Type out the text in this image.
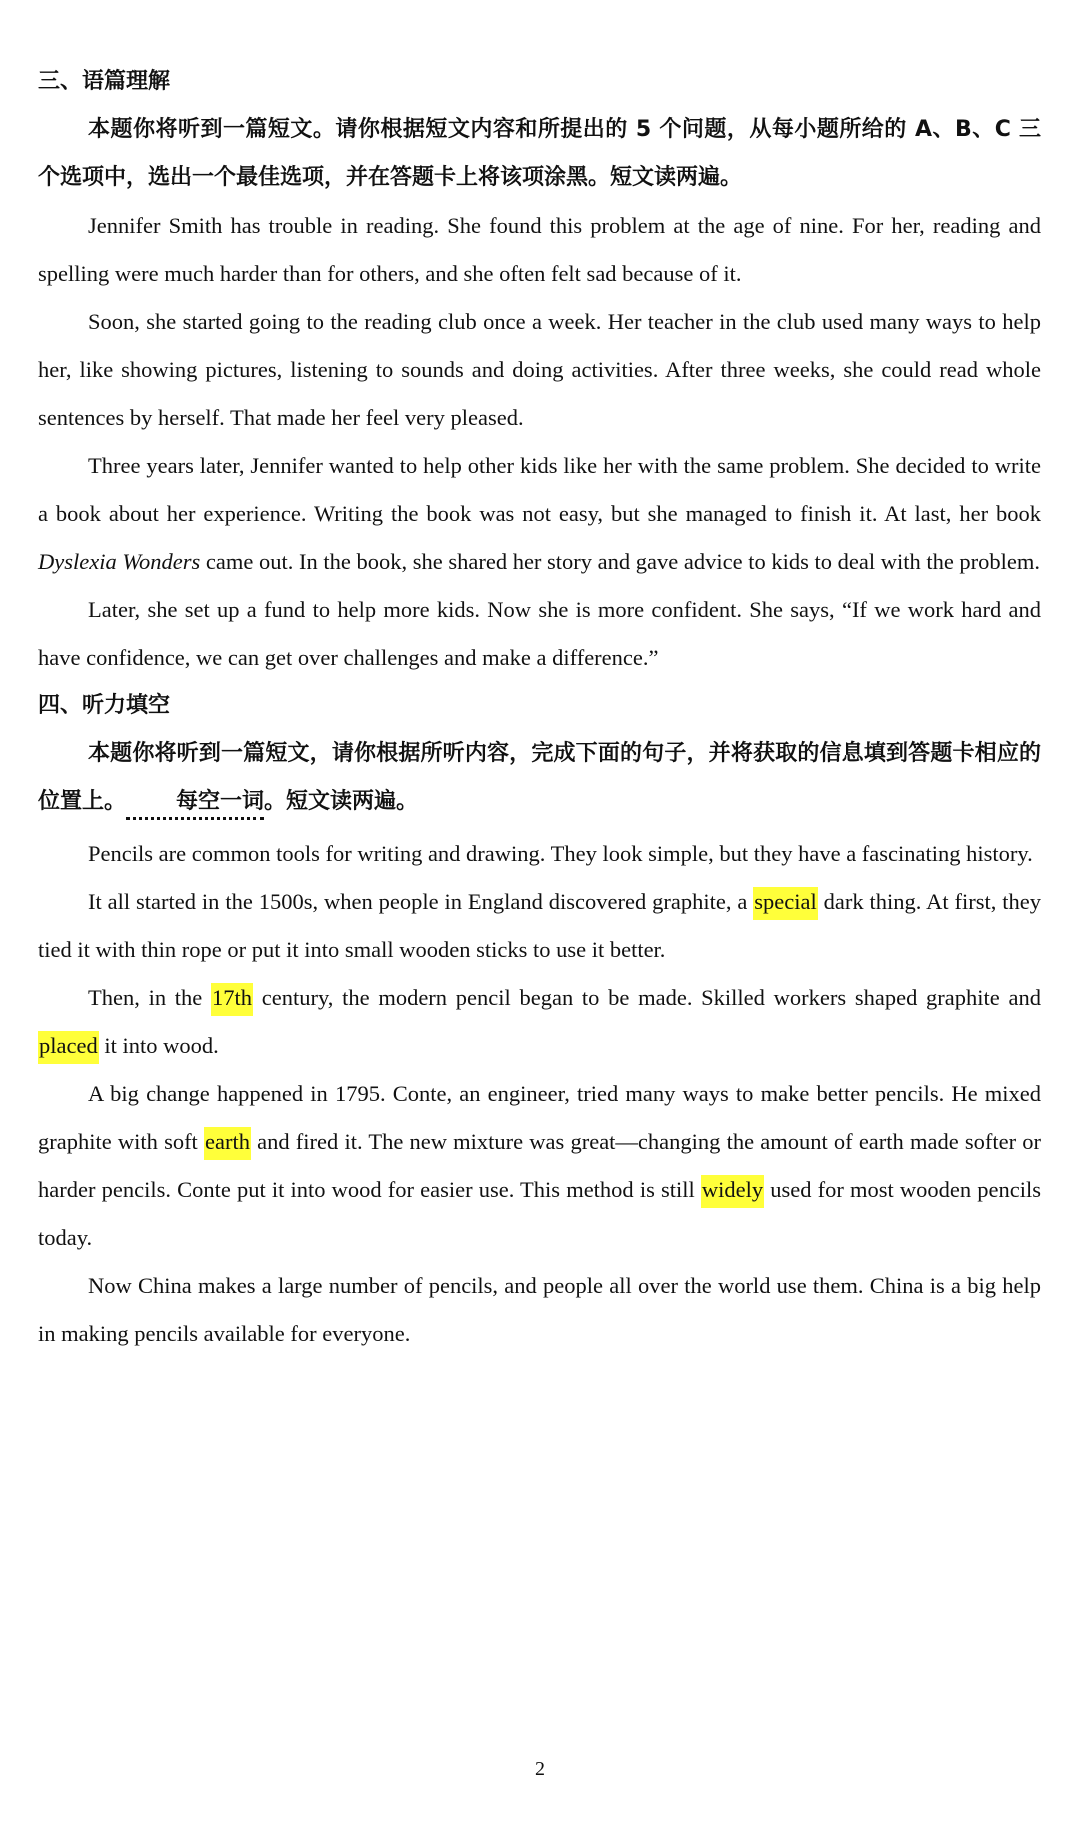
三、语篇理解

本题你将听到一篇短文。请你根据短文内容和所提出的 5 个问题，从每小题所给的 A、B、C 三个选项中，选出一个最佳选项，并在答题卡上将该项涂黑。短文读两遍。

Jennifer Smith has trouble in reading. She found this problem at the age of nine. For her, reading and spelling were much harder than for others, and she often felt sad because of it.

Soon, she started going to the reading club once a week. Her teacher in the club used many ways to help her, like showing pictures, listening to sounds and doing activities. After three weeks, she could read whole sentences by herself. That made her feel very pleased.

Three years later, Jennifer wanted to help other kids like her with the same problem. She decided to write a book about her experience. Writing the book was not easy, but she managed to finish it. At last, her book Dyslexia Wonders came out. In the book, she shared her story and gave advice to kids to deal with the problem.

Later, she set up a fund to help more kids. Now she is more confident. She says, “If we work hard and have confidence, we can get over challenges and make a difference.”

四、听力填空

本题你将听到一篇短文，请你根据所听内容，完成下面的句子，并将获取的信息填到答题卡相应的位置上。 每空一词。短文读两遍。

Pencils are common tools for writing and drawing. They look simple, but they have a fascinating history.

It all started in the 1500s, when people in England discovered graphite, a special dark thing. At first, they tied it with thin rope or put it into small wooden sticks to use it better.

Then, in the 17th century, the modern pencil began to be made. Skilled workers shaped graphite and placed it into wood.

A big change happened in 1795. Conte, an engineer, tried many ways to make better pencils. He mixed graphite with soft earth and fired it. The new mixture was great—changing the amount of earth made softer or harder pencils. Conte put it into wood for easier use. This method is still widely used for most wooden pencils today.

Now China makes a large number of pencils, and people all over the world use them. China is a big help in making pencils available for everyone.

2
